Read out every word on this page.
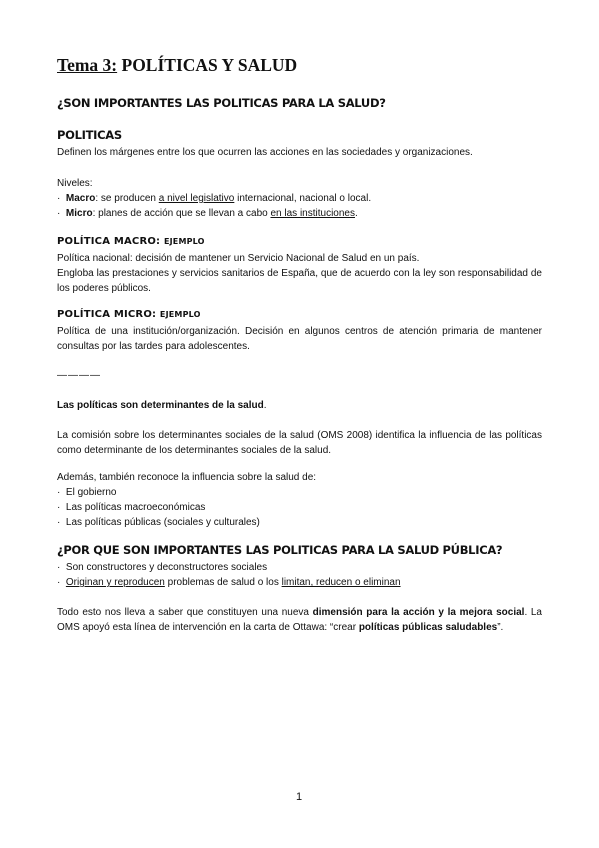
Tema 3: POLÍTICAS Y SALUD
¿SON IMPORTANTES LAS POLITICAS PARA LA SALUD?
POLITICAS
Definen los márgenes entre los que ocurren las acciones en las sociedades y organizaciones.
Niveles:
· Macro: se producen a nivel legislativo internacional, nacional o local.
· Micro: planes de acción que se llevan a cabo en las instituciones.
POLÍTICA MACRO: EJEMPLO
Política nacional: decisión de mantener un Servicio Nacional de Salud en un país.
Engloba las prestaciones y servicios sanitarios de España, que de acuerdo con la ley son responsabilidad de los poderes públicos.
POLÍTICA MICRO: EJEMPLO
Política de una institución/organización. Decisión en algunos centros de atención primaria de mantener consultas por las tardes para adolescentes.
————
Las políticas son determinantes de la salud.
La comisión sobre los determinantes sociales de la salud (OMS 2008) identifica la influencia de las políticas como determinante de los determinantes sociales de la salud.
Además, también reconoce la influencia sobre la salud de:
· El gobierno
· Las políticas macroeconómicas
· Las políticas públicas (sociales y culturales)
¿POR QUE SON IMPORTANTES LAS POLITICAS PARA LA SALUD PÚBLICA?
· Son constructores y deconstructores sociales
· Originan y reproducen problemas de salud o los limitan, reducen o eliminan
Todo esto nos lleva a saber que constituyen una nueva dimensión para la acción y la mejora social. La OMS apoyó esta línea de intervención en la carta de Ottawa: “crear políticas públicas saludables”.
1
